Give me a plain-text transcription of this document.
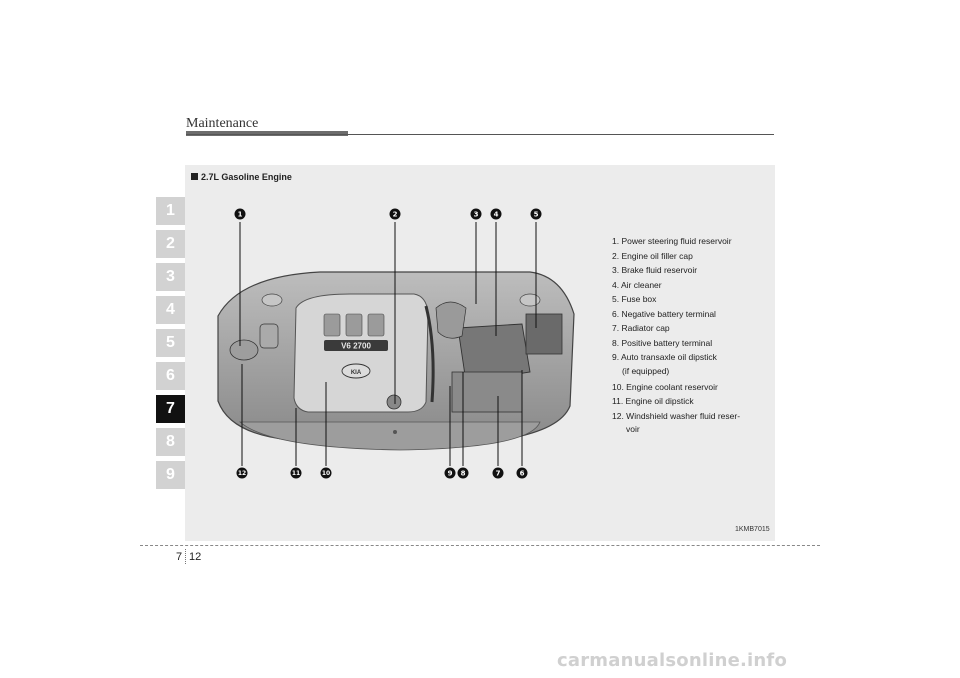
Maintenance
1
2
3
4
5
6
7
8
9
2.7L Gasoline Engine
V6 2700
KIA
1	2	3 4	5
12	11	10	9 8	7	6
1. Power steering fluid reservoir
2. Engine oil filler cap
3. Brake fluid reservoir
4. Air cleaner
5. Fuse box
6. Negative battery terminal
7. Radiator cap
8. Positive battery terminal
9. Auto transaxle oil dipstick
(if equipped)
10. Engine coolant reservoir
11. Engine oil dipstick
12. Windshield washer fluid reser-
voir
1KMB7015
7 12
carmanualsonline.info
